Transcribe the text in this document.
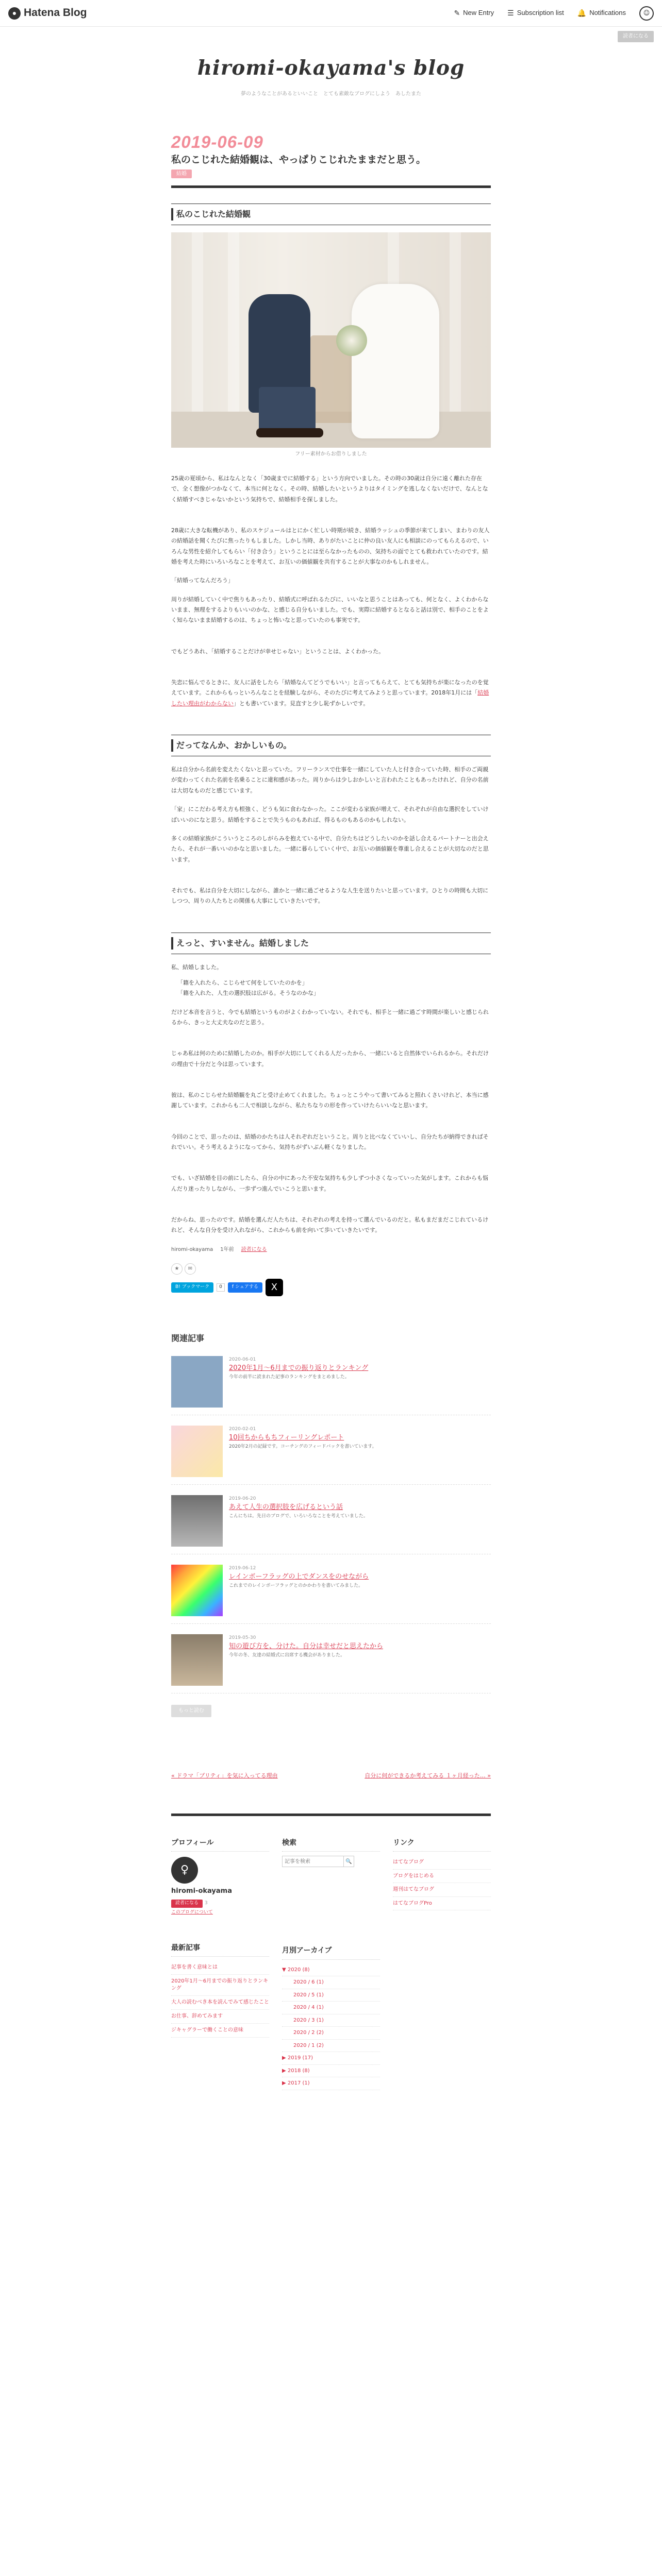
● Hatena Blog	✎ New Entry ☰ Subscription list 🔔 Notifications	☺
読者になる
hiromi-okayama's blog
夢のようなことがあるといいこと　とても素敵なブログにしよう　あしたまた
2019-06-09
私のこじれた結婚観は、やっぱりこじれたままだと思う。
結婚
私のこじれた結婚観
フリー素材からお借りしました

25歳の夏頃から、私はなんとなく「30歳までに結婚する」という方向でいました。その時の30歳は自分に遠く離れた存在で、全く想像がつかなくて、本当に何となく。その時、結婚したいというよりはタイミングを逃しなくないだけで、なんとなく結婚すべきじゃないかという気持ちで、結婚相手を探しました。

28歳に大きな転機があり、私のスケジュールはとにかく忙しい時期が続き、結婚ラッシュの季節が来てしまい、まわりの友人の結婚話を聞くたびに焦ったりもしました。しかし当時、ありがたいことに仲の良い友人にも相談にのってもらえるので、いろんな男性を紹介してもらい「付き合う」ということには至らなかったものの、気持ちの面でとても救われていたのです。結婚を考えた時にいろいろなことを考えて、お互いの価値観を共有することが大事なのかもしれません。

「結婚ってなんだろう」

周りが結婚していく中で焦りもあったり、結婚式に呼ばれるたびに、いいなと思うことはあっても、何となく、よくわからないまま、無理をするよりもいいのかな、と感じる自分もいました。でも、実際に結婚するとなると話は別で、相手のことをよく知らないまま結婚するのは、ちょっと怖いなと思っていたのも事実です。

でもどうあれ、「結婚することだけが幸せじゃない」ということは、よくわかった。

失恋に悩んでるときに、友人に話をしたら「結婚なんてどうでもいい」と言ってもらえて、とても気持ちが楽になったのを覚えています。これからもっといろんなことを経験しながら、そのたびに考えてみようと思っています。2018年1月には「結婚したい理由がわからない」とも書いています。見直すと少し恥ずかしいです。

だってなんか、おかしいもの。

私は自分から名前を変えたくないと思っていた。フリーランスで仕事を一緒にしていた人と付き合っていた時、相手のご両親が変わってくれた名前を名乗ることに違和感があった。周りからは少しおかしいと言われたこともあったけれど、自分の名前は大切なものだと感じています。

「家」にこだわる考え方も根強く、どうも気に食わなかった。ここが変わる家族が増えて、それぞれが自由な選択をしていけばいいのになと思う。結婚をすることで失うものもあれば、得るものもあるのかもしれない。

多くの結婚家族がこういうところのしがらみを抱えている中で、自分たちはどうしたいのかを話し合えるパートナーと出会えたら、それが一番いいのかなと思いました。一緒に暮らしていく中で、お互いの価値観を尊重し合えることが大切なのだと思います。

それでも、私は自分を大切にしながら、誰かと一緒に過ごせるような人生を送りたいと思っています。ひとりの時間も大切にしつつ、周りの人たちとの関係も大事にしていきたいです。

えっと、すいません。結婚しました

私、結婚しました。

「籍を入れたら、こじらせて何をしていたのかを」
「籍を入れた、人生の選択肢は広がる。そうなのかな」

だけど本音を言うと、今でも結婚というものがよくわかっていない。それでも、相手と一緒に過ごす時間が楽しいと感じられるから、きっと大丈夫なのだと思う。

じゃあ私は何のために結婚したのか。相手が大切にしてくれる人だったから、一緒にいると自然体でいられるから。それだけの理由で十分だと今は思っています。

彼は、私のこじらせた結婚観を丸ごと受け止めてくれました。ちょっとこうやって書いてみると照れくさいけれど、本当に感謝しています。これからも二人で相談しながら、私たちなりの形を作っていけたらいいなと思います。

今回のことで、思ったのは、結婚のかたちは人それぞれだということ。周りと比べなくていいし、自分たちが納得できればそれでいい。そう考えるようになってから、気持ちがずいぶん軽くなりました。

でも、いざ結婚を目の前にしたら、自分の中にあった不安な気持ちも少しずつ小さくなっていった気がします。これからも悩んだり迷ったりしながら、一歩ずつ進んでいこうと思います。

だからね、思ったのです。結婚を選んだ人たちは、それぞれの考えを持って選んでいるのだと。私もまだまだこじれているけれど、そんな自分を受け入れながら、これからも前を向いて歩いていきたいです。

hiromi-okayama 1年前 読者になる
★	✉
B! ブックマーク	0	f シェアする X
関連記事
2020-06-01
2020年1月〜6月までの振り返りとランキング
今年の前半に読まれた記事のランキングをまとめました。
2020-02-01
10回ちからもちフィーリングレポート
2020年2月の記録です。コーチングのフィードバックを書いています。
2019-06-20
あえて人生の選択肢を広げるという話
こんにちは。先日のブログで、いろいろなことを考えていました。
2019-06-12
レインボーフラッグの上でダンスをのせながら
これまでのレインボーフラッグとのかかわりを書いてみました。
2019-05-30
知の遊び方を、分けた。自分は幸せだと思えたから
今年の冬、友達の結婚式に出席する機会がありました。
もっと読む
« ドラマ「プリティ」を気に入ってる理由	自分に何ができるか考えてみる １ヶ月経った… »
プロフィール
♀
hiromi-okayama
読者になる 3
このブログについて
最新記事
記事を書く意味とは
2020年1月〜6月までの振り返りとランキング
大人の読むべき本を読んでみて感じたこと
お仕事、辞めてみます
ジキャグラーで働くことの意味
検索
記事を検索
🔍
月別アーカイブ
▼ 2020 (8)
2020 / 6 (1)
2020 / 5 (1)
2020 / 4 (1)
2020 / 3 (1)
2020 / 2 (2)
2020 / 1 (2)
▶ 2019 (17)
▶ 2018 (8)
▶ 2017 (1)
リンク
はてなブログ
ブログをはじめる
週刊はてなブログ
はてなブログPro
